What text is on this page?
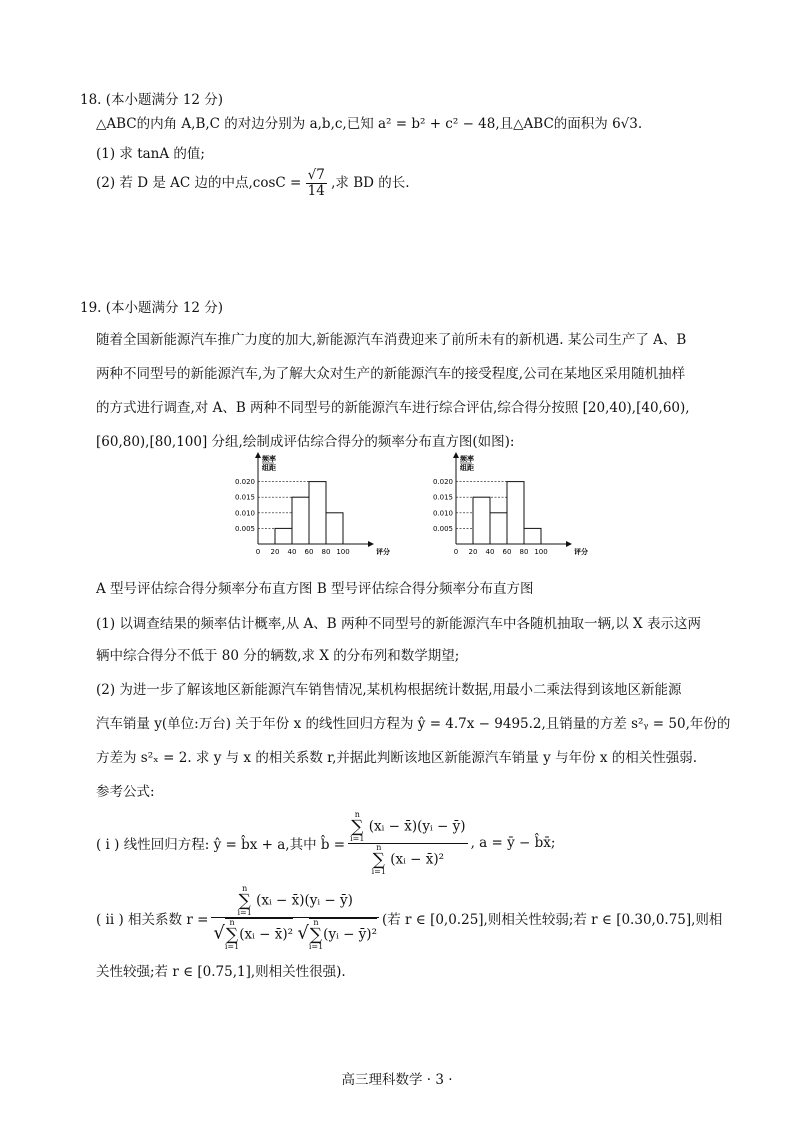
18. (本小题满分 12 分)
△ABC的内角 A,B,C 的对边分别为 a,b,c,已知 a² = b² + c² − 48,且△ABC的面积为 6√3.
(1) 求 tanA 的值;
(2) 若 D 是 AC 边的中点$,\cos C = \frac{√7}{14}$ ,求 BD 的长.
19. (本小题满分 12 分)
随着全国新能源汽车推广力度的加大,新能源汽车消费迎来了前所未有的新机遇. 某公司生产了 A、B
两种不同型号的新能源汽车,为了解大众对生产的新能源汽车的接受程度,公司在某地区采用随机抽样
的方式进行调查,对 A、B 两种不同型号的新能源汽车进行综合评估,综合得分按照 [20,40),[40,60),
[60,80),[80,100] 分组,绘制成评估综合得分的频率分布直方图(如图):
频率
组距
0.005
0.010
0.015
0.020
0 20 40 60 80 100	评分
频率
组距
0.005
0.010
0.015
0.020
0 20 40 60 80 100	评分
A 型号评估综合得分频率分布直方图 B 型号评估综合得分频率分布直方图
(1) 以调查结果的频率估计概率,从 A、B 两种不同型号的新能源汽车中各随机抽取一辆,以 X 表示这两
辆中综合得分不低于 80 分的辆数,求 X 的分布列和数学期望;
(2) 为进一步了解该地区新能源汽车销售情况,某机构根据统计数据,用最小二乘法得到该地区新能源
汽车销量 y(单位:万台) 关于年份 x 的线性回归方程为 ŷ = 4.7x − 9495.2,且销量的方差 s²ᵧ = 50,年份的
方差为 s²ₓ = 2. 求 y 与 x 的相关系数 r,并据此判断该地区新能源汽车销量 y 与年份 x 的相关性强弱.
参考公式:
( i ) 线性回归方程: ŷ = b̂x + a,其中 b̂ = n
∑
i=1
(xᵢ − x̄)(yᵢ − ȳ)
n
∑
i=1
(xᵢ − x̄)² , a = ȳ − b̂x̄;
( ii ) 相关系数 r = n
∑
i=1
(xᵢ − x̄)(yᵢ − ȳ)
√ n
∑
i=1
(xᵢ − x̄)² √ n
∑
i=1
(yᵢ − ȳ)² (若 r ∈ [0,0.25],则相关性较弱;若 r ∈ [0.30,0.75],则相
关性较强;若 r ∈ [0.75,1],则相关性很强).
高三理科数学 · 3 ·
